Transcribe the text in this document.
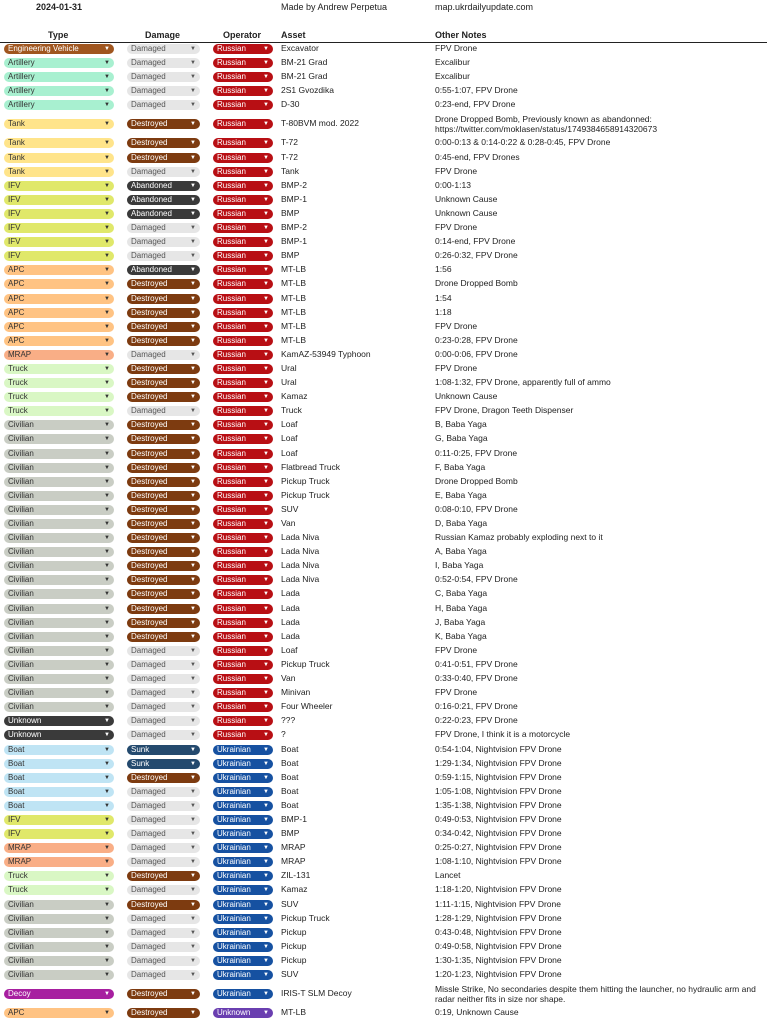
2024-01-31	Made by Andrew Perpetua	map.ukrdailyupdate.com
Type	Damage	Operator Asset	Other Notes
Engineering Vehicle	▼	Damaged	▼	Russian	▼ Excavator	FPV Drone
Artillery	▼	Damaged	▼	Russian	▼ BM-21 Grad	Excalibur
Artillery	▼	Damaged	▼	Russian	▼ BM-21 Grad	Excalibur
Artillery	▼	Damaged	▼	Russian	▼ 2S1 Gvozdika	0:55-1:07, FPV Drone
Artillery	▼	Damaged	▼	Russian	▼ D-30	0:23-end, FPV Drone
Tank	▼	Destroyed	▼	Russian	▼ T-80BVM mod. 2022	Drone Dropped Bomb, Previously known as abandonned: https://twitter.com/moklasen/status/1749384658914320673
Tank	▼	Destroyed	▼	Russian	▼ T-72	0:00-0:13 & 0:14-0:22 & 0:28-0:45, FPV Drone
Tank	▼	Destroyed	▼	Russian	▼ T-72	0:45-end, FPV Drones
Tank	▼	Damaged	▼	Russian	▼ Tank	FPV Drone
IFV	▼	Abandoned	▼	Russian	▼ BMP-2	0:00-1:13
IFV	▼	Abandoned	▼	Russian	▼ BMP-1	Unknown Cause
IFV	▼	Abandoned	▼	Russian	▼ BMP	Unknown Cause
IFV	▼	Damaged	▼	Russian	▼ BMP-2	FPV Drone
IFV	▼	Damaged	▼	Russian	▼ BMP-1	0:14-end, FPV Drone
IFV	▼	Damaged	▼	Russian	▼ BMP	0:26-0:32, FPV Drone
APC	▼	Abandoned	▼	Russian	▼ MT-LB	1:56
APC	▼	Destroyed	▼	Russian	▼ MT-LB	Drone Dropped Bomb
APC	▼	Destroyed	▼	Russian	▼ MT-LB	1:54
APC	▼	Destroyed	▼	Russian	▼ MT-LB	1:18
APC	▼	Destroyed	▼	Russian	▼ MT-LB	FPV Drone
APC	▼	Destroyed	▼	Russian	▼ MT-LB	0:23-0:28, FPV Drone
MRAP	▼	Damaged	▼	Russian	▼ KamAZ-53949 Typhoon	0:00-0:06, FPV Drone
Truck	▼	Destroyed	▼	Russian	▼ Ural	FPV Drone
Truck	▼	Destroyed	▼	Russian	▼ Ural	1:08-1:32, FPV Drone, apparently full of ammo
Truck	▼	Destroyed	▼	Russian	▼ Kamaz	Unknown Cause
Truck	▼	Damaged	▼	Russian	▼ Truck	FPV Drone, Dragon Teeth Dispenser
Civilian	▼	Destroyed	▼	Russian	▼ Loaf	B, Baba Yaga
Civilian	▼	Destroyed	▼	Russian	▼ Loaf	G, Baba Yaga
Civilian	▼	Destroyed	▼	Russian	▼ Loaf	0:11-0:25, FPV Drone
Civilian	▼	Destroyed	▼	Russian	▼ Flatbread Truck	F, Baba Yaga
Civilian	▼	Destroyed	▼	Russian	▼ Pickup Truck	Drone Dropped Bomb
Civilian	▼	Destroyed	▼	Russian	▼ Pickup Truck	E, Baba Yaga
Civilian	▼	Destroyed	▼	Russian	▼ SUV	0:08-0:10, FPV Drone
Civilian	▼	Destroyed	▼	Russian	▼ Van	D, Baba Yaga
Civilian	▼	Destroyed	▼	Russian	▼ Lada Niva	Russian Kamaz probably exploding next to it
Civilian	▼	Destroyed	▼	Russian	▼ Lada Niva	A, Baba Yaga
Civilian	▼	Destroyed	▼	Russian	▼ Lada Niva	I, Baba Yaga
Civilian	▼	Destroyed	▼	Russian	▼ Lada Niva	0:52-0:54, FPV Drone
Civilian	▼	Destroyed	▼	Russian	▼ Lada	C, Baba Yaga
Civilian	▼	Destroyed	▼	Russian	▼ Lada	H, Baba Yaga
Civilian	▼	Destroyed	▼	Russian	▼ Lada	J, Baba Yaga
Civilian	▼	Destroyed	▼	Russian	▼ Lada	K, Baba Yaga
Civilian	▼	Damaged	▼	Russian	▼ Loaf	FPV Drone
Civilian	▼	Damaged	▼	Russian	▼ Pickup Truck	0:41-0:51, FPV Drone
Civilian	▼	Damaged	▼	Russian	▼ Van	0:33-0:40, FPV Drone
Civilian	▼	Damaged	▼	Russian	▼ Minivan	FPV Drone
Civilian	▼	Damaged	▼	Russian	▼ Four Wheeler	0:16-0:21, FPV Drone
Unknown	▼	Damaged	▼	Russian	▼ ???	0:22-0:23, FPV Drone
Unknown	▼	Damaged	▼	Russian	▼ ?	FPV Drone, I think it is a motorcycle
Boat	▼	Sunk	▼	Ukrainian ▼ Boat	0:54-1:04, Nightvision FPV Drone
Boat	▼	Sunk	▼	Ukrainian ▼ Boat	1:29-1:34, Nightvision FPV Drone
Boat	▼	Destroyed	▼	Ukrainian ▼ Boat	0:59-1:15, Nightvision FPV Drone
Boat	▼	Damaged	▼	Ukrainian ▼ Boat	1:05-1:08, Nightvision FPV Drone
Boat	▼	Damaged	▼	Ukrainian ▼ Boat	1:35-1:38, Nightvision FPV Drone
IFV	▼	Damaged	▼	Ukrainian ▼ BMP-1	0:49-0:53, Nightvision FPV Drone
IFV	▼	Damaged	▼	Ukrainian ▼ BMP	0:34-0:42, Nightvision FPV Drone
MRAP	▼	Damaged	▼	Ukrainian ▼ MRAP	0:25-0:27, Nightvision FPV Drone
MRAP	▼	Damaged	▼	Ukrainian ▼ MRAP	1:08-1:10, Nightvision FPV Drone
Truck	▼	Destroyed	▼	Ukrainian ▼ ZIL-131	Lancet
Truck	▼	Damaged	▼	Ukrainian ▼ Kamaz	1:18-1:20, Nightvision FPV Drone
Civilian	▼	Destroyed	▼	Ukrainian ▼ SUV	1:11-1:15, Nightvision FPV Drone
Civilian	▼	Damaged	▼	Ukrainian ▼ Pickup Truck	1:28-1:29, Nightvision FPV Drone
Civilian	▼	Damaged	▼	Ukrainian ▼ Pickup	0:43-0:48, Nightvision FPV Drone
Civilian	▼	Damaged	▼	Ukrainian ▼ Pickup	0:49-0:58, Nightvision FPV Drone
Civilian	▼	Damaged	▼	Ukrainian ▼ Pickup	1:30-1:35, Nightvision FPV Drone
Civilian	▼	Damaged	▼	Ukrainian ▼ SUV	1:20-1:23, Nightvision FPV Drone
Decoy	▼	Destroyed	▼	Ukrainian ▼ IRIS-T SLM Decoy	Missle Strike, No secondaries despite them hitting the launcher, no hydraulic arm and radar neither fits in size nor shape.
APC	▼	Destroyed	▼	Unknown ▼ MT-LB	0:19, Unknown Cause
